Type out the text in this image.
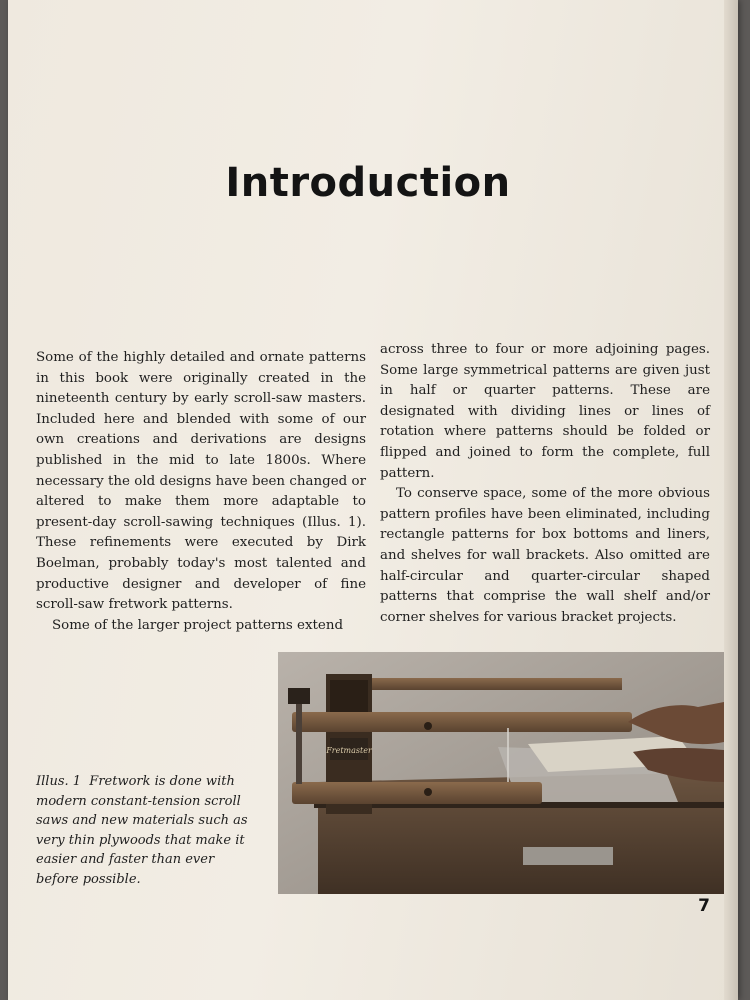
Introduction

Some of the highly detailed and ornate patterns in this book were originally created in the nineteenth century by early scroll-saw masters. Included here and blended with some of our own creations and derivations are designs published in the mid to late 1800s. Where necessary the old designs have been changed or altered to make them more adaptable to present-day scroll-sawing techniques (Illus. 1). These refinements were executed by Dirk Boelman, probably today's most talented and productive designer and developer of fine scroll-saw fretwork patterns.

Some of the larger project patterns extend

across three to four or more adjoining pages. Some large symmetrical patterns are given just in half or quarter patterns. These are designated with dividing lines or lines of rotation where patterns should be folded or flipped and joined to form the complete, full pattern.

To conserve space, some of the more obvious pattern profiles have been eliminated, including rectangle patterns for box bottoms and liners, and shelves for wall brackets. Also omitted are half-circular and quarter-circular shaped patterns that comprise the wall shelf and/or corner shelves for various bracket projects.

Illus. 1 Fretwork is done with modern constant-tension scroll saws and new materials such as very thin plywoods that make it easier and faster than ever before possible.
Fretmaster
7
